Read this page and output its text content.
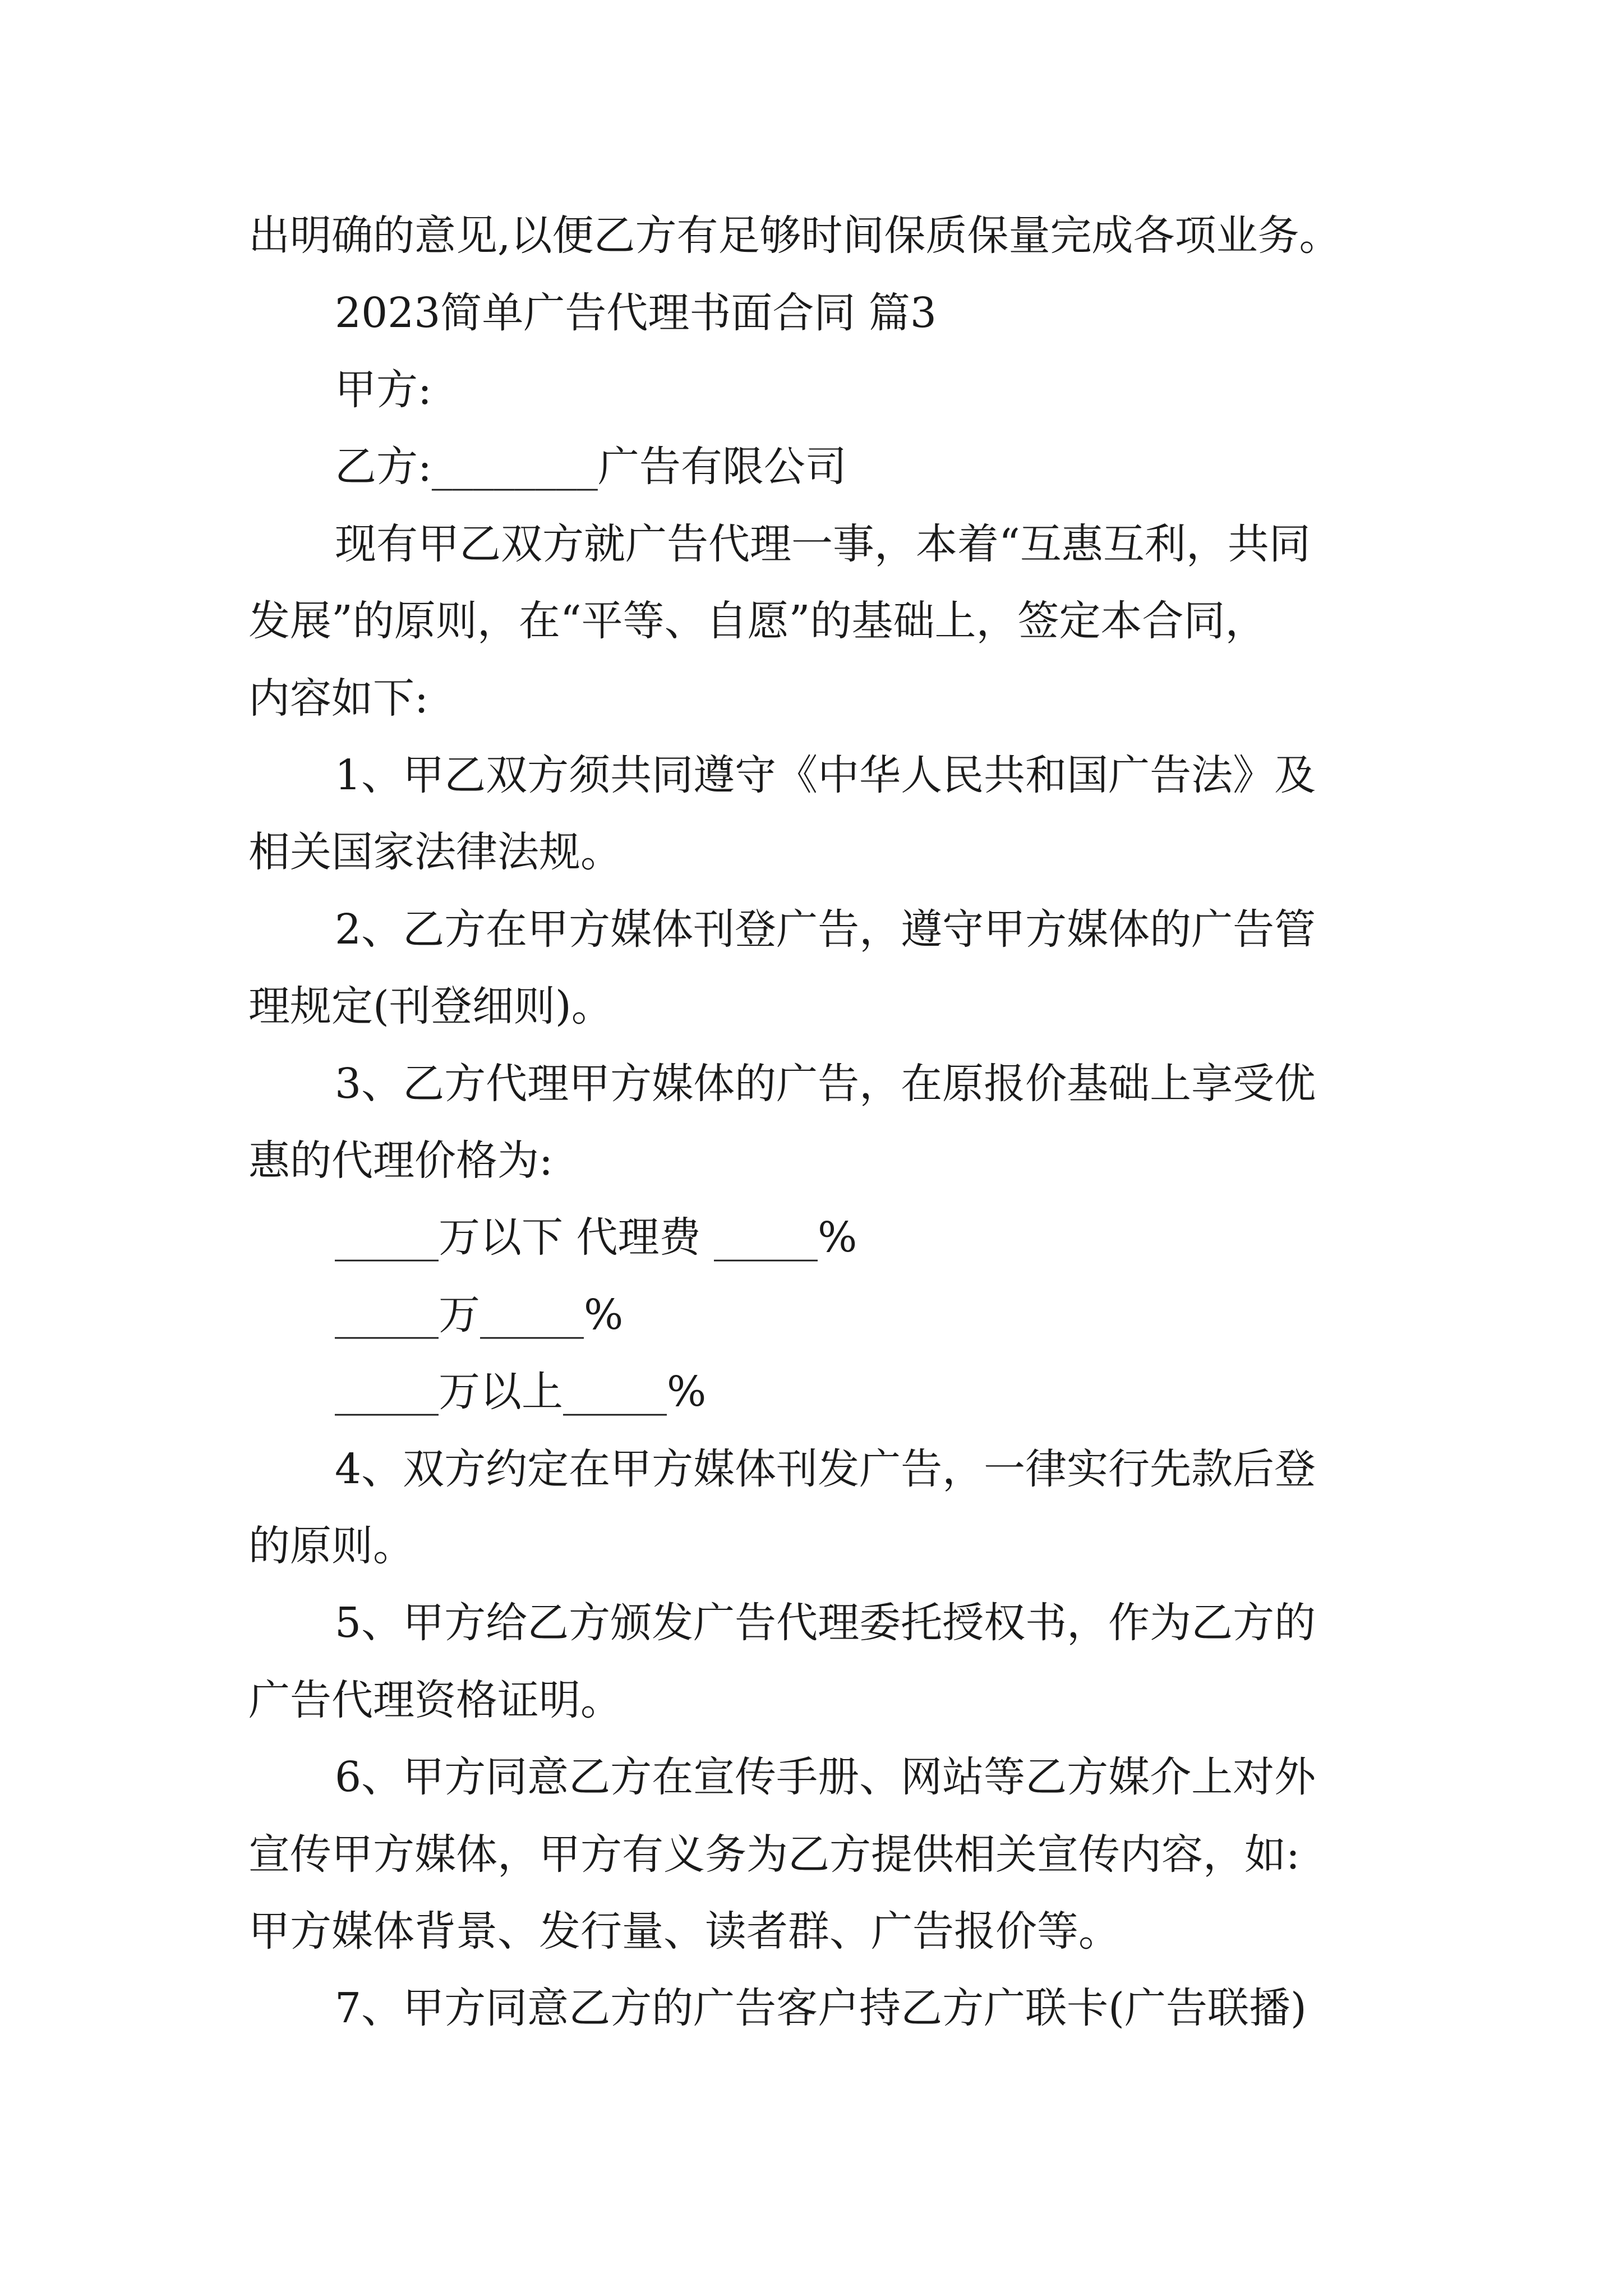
出明确的意见,以便乙方有足够时间保质保量完成各项业务。

2023简单广告代理书面合同 篇3

甲方:

乙方:________广告有限公司

现有甲乙双方就广告代理一事，本着“互惠互利，共同

发展”的原则，在“平等、自愿”的基础上，签定本合同，

内容如下:

1、甲乙双方须共同遵守《中华人民共和国广告法》及

相关国家法律法规。

2、乙方在甲方媒体刊登广告，遵守甲方媒体的广告管

理规定(刊登细则)。

3、乙方代理甲方媒体的广告，在原报价基础上享受优

惠的代理价格为:

_____万以下 代理费 _____%

_____万_____%

_____万以上_____%

4、双方约定在甲方媒体刊发广告，一律实行先款后登

的原则。

5、甲方给乙方颁发广告代理委托授权书，作为乙方的

广告代理资格证明。

6、甲方同意乙方在宣传手册、网站等乙方媒介上对外

宣传甲方媒体，甲方有义务为乙方提供相关宣传内容，如:

甲方媒体背景、发行量、读者群、广告报价等。

7、甲方同意乙方的广告客户持乙方广联卡(广告联播)
